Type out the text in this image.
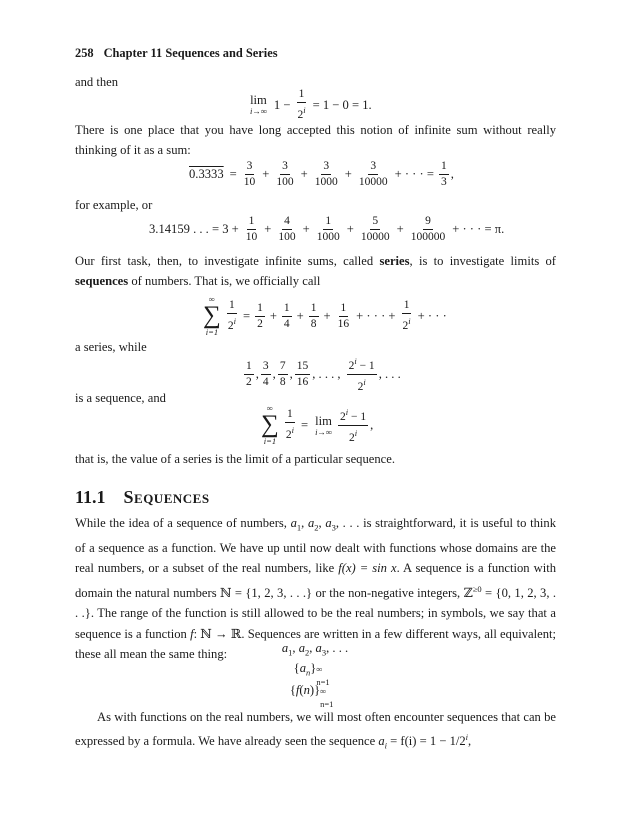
258 Chapter 11 Sequences and Series
and then
lim
i→∞ $1 - \frac{1}{2^i} = 1 - 0 = 1$.
There is one place that you have long accepted this notion of infinite sum without really thinking of it as a sum:
$0.3333 = \frac{3}{10} + \frac{3}{100} + \frac{3}{1000} + \frac{3}{10000}$ + · · · = $\frac{1}{3}$ ,
for example, or
3.14159 . . . = $3 + \frac{1}{10} + \frac{4}{100} + \frac{1}{1000} + \frac{5}{10000} + \frac{9}{100000}$ + · · · = π.
Our first task, then, to investigate infinite sums, called series, is to investigate limits of sequences of numbers. That is, we officially call
∞
∑
$i=1 \frac{1}{2^i} = \frac{1}{2} + \frac{1}{4} + \frac{1}{8} + \frac{1}{16}$ + · · · + $\frac{1}{2^i}$ + · · ·
a series, while
$\frac{1}{2}$ , $\frac{3}{4}$ , $\frac{7}{8}$ , $\frac{15}{16}$ , . . . , $\frac{2^i - 1}{2^i}$ , . . .
is a sequence, and
∞
∑
$i=1 \frac{1}{2^i} = \lim$
$i\to\infty \frac{2^i - 1}{2^i}$ ,
that is, the value of a series is the limit of a particular sequence.
11.1 Sequences
While the idea of a sequence of numbers, $a_1$, $a_2$, $a_3$, . . . is straightforward, it is useful to think of a sequence as a function. We have up until now dealt with functions whose domains are the real numbers, or a subset of the real numbers, like f(x) = sin x. A sequence is a function with domain the natural numbers ℕ = {1, 2, 3, . . .} or the non-negative integers, ℤ$^{\ge 0}$ = {0, 1, 2, 3, . . .}. The range of the function is still allowed to be the real numbers; in symbols, we say that a sequence is a function f: ℕ → ℝ. Sequences are written in a few different ways, all equivalent; these all mean the same thing:	$a_1$, $a_2$, $a_3$, . . .
$\{a_n\}$ ∞
n=1
{f(n)} ∞
n=1
As with functions on the real numbers, we will most often encounter sequences that can be expressed by a formula. We have already seen the sequence $a_i = f(i) = 1 - 1/2^i$,
